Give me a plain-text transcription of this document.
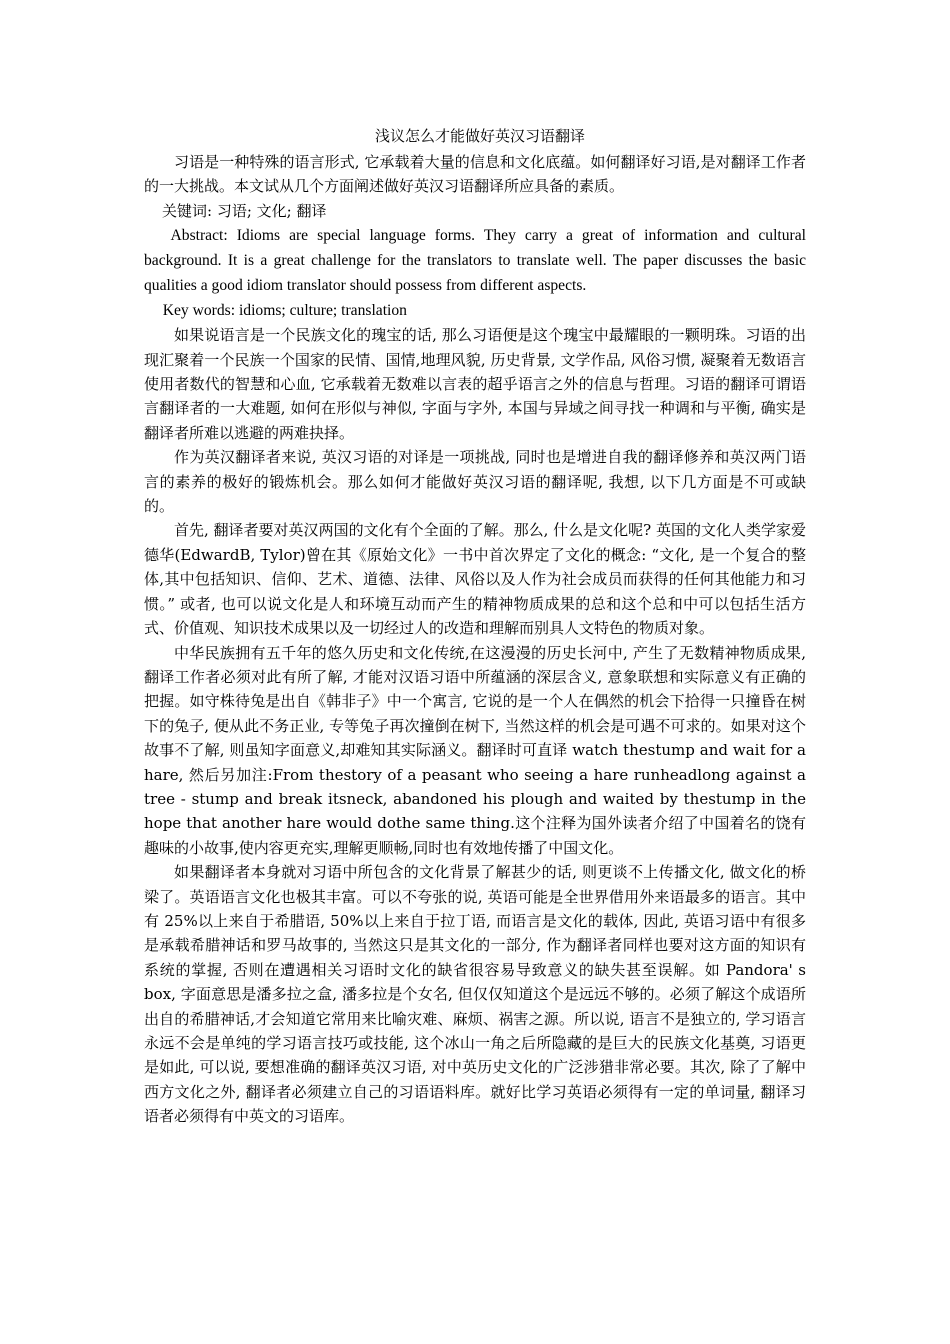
浅议怎么才能做好英汉习语翻译

习语是一种特殊的语言形式, 它承载着大量的信息和文化底蕴。如何翻译好习语,是对翻译工作者的一大挑战。本文试从几个方面阐述做好英汉习语翻译所应具备的素质。

关键词: 习语; 文化; 翻译

Abstract: Idioms are special language forms. They carry a great of information and cultural background. It is a great challenge for the translators to translate well. The paper discusses the basic qualities a good idiom translator should possess from different aspects.

Key words: idioms; culture; translation

如果说语言是一个民族文化的瑰宝的话, 那么习语便是这个瑰宝中最耀眼的一颗明珠。习语的出现汇聚着一个民族一个国家的民情、国情,地理风貌, 历史背景, 文学作品, 风俗习惯, 凝聚着无数语言使用者数代的智慧和心血, 它承载着无数难以言表的超乎语言之外的信息与哲理。习语的翻译可谓语言翻译者的一大难题, 如何在形似与神似, 字面与字外, 本国与异域之间寻找一种调和与平衡, 确实是翻译者所难以逃避的两难抉择。

作为英汉翻译者来说, 英汉习语的对译是一项挑战, 同时也是增进自我的翻译修养和英汉两门语言的素养的极好的锻炼机会。那么如何才能做好英汉习语的翻译呢, 我想, 以下几方面是不可或缺的。

首先, 翻译者要对英汉两国的文化有个全面的了解。那么, 什么是文化呢? 英国的文化人类学家爱德华(EdwardB, Tylor)曾在其《原始文化》一书中首次界定了文化的概念: “文化, 是一个复合的整体,其中包括知识、信仰、艺术、道德、法律、风俗以及人作为社会成员而获得的任何其他能力和习惯。” 或者, 也可以说文化是人和环境互动而产生的精神物质成果的总和这个总和中可以包括生活方式、价值观、知识技术成果以及一切经过人的改造和理解而别具人文特色的物质对象。

中华民族拥有五千年的悠久历史和文化传统,在这漫漫的历史长河中, 产生了无数精神物质成果, 翻译工作者必须对此有所了解, 才能对汉语习语中所蕴涵的深层含义, 意象联想和实际意义有正确的把握。如守株待兔是出自《韩非子》中一个寓言, 它说的是一个人在偶然的机会下拾得一只撞昏在树下的兔子, 便从此不务正业, 专等兔子再次撞倒在树下, 当然这样的机会是可遇不可求的。如果对这个故事不了解, 则虽知字面意义,却难知其实际涵义。翻译时可直译 watch thestump and wait for a hare, 然后另加注:From thestory of a peasant who seeing a hare runheadlong against a tree - stump and break itsneck, abandoned his plough and waited by thestump in the hope that another hare would dothe same thing.这个注释为国外读者介绍了中国着名的饶有趣味的小故事,使内容更充实,理解更顺畅,同时也有效地传播了中国文化。

如果翻译者本身就对习语中所包含的文化背景了解甚少的话, 则更谈不上传播文化, 做文化的桥梁了。英语语言文化也极其丰富。可以不夸张的说, 英语可能是全世界借用外来语最多的语言。其中有 25%以上来自于希腊语, 50%以上来自于拉丁语, 而语言是文化的载体, 因此, 英语习语中有很多是承载希腊神话和罗马故事的, 当然这只是其文化的一部分, 作为翻译者同样也要对这方面的知识有系统的掌握, 否则在遭遇相关习语时文化的缺省很容易导致意义的缺失甚至误解。如 Pandora' s box, 字面意思是潘多拉之盒, 潘多拉是个女名, 但仅仅知道这个是远远不够的。必须了解这个成语所出自的希腊神话,才会知道它常用来比喻灾难、麻烦、祸害之源。所以说, 语言不是独立的, 学习语言永远不会是单纯的学习语言技巧或技能, 这个冰山一角之后所隐藏的是巨大的民族文化基奠, 习语更是如此, 可以说, 要想准确的翻译英汉习语, 对中英历史文化的广泛涉猎非常必要。其次, 除了了解中西方文化之外, 翻译者必须建立自己的习语语料库。就好比学习英语必须得有一定的单词量, 翻译习语者必须得有中英文的习语库。
